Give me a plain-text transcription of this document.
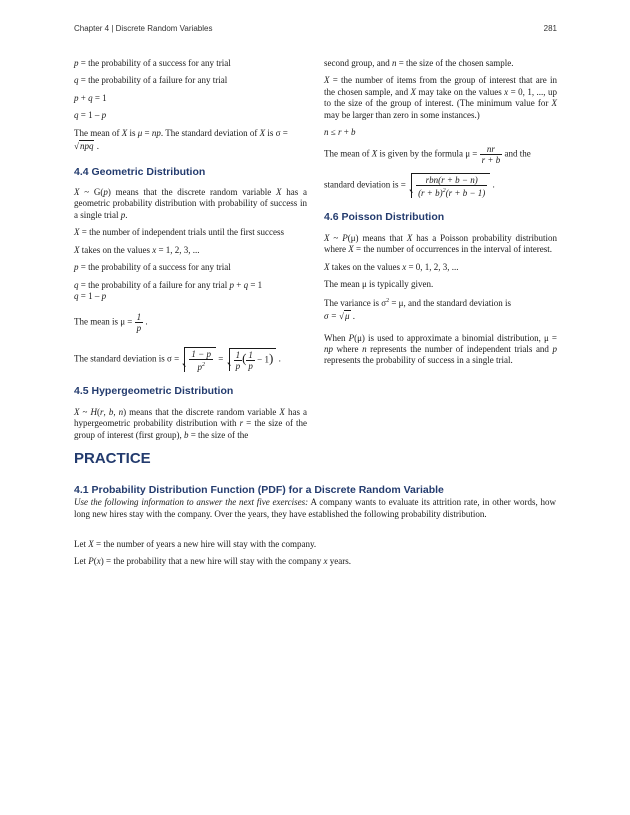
Chapter 4 | Discrete Random Variables	281

p = the probability of a success for any trial

q = the probability of a failure for any trial

p + q = 1

q = 1 – p

The mean of X is μ = np. The standard deviation of X is σ =

√npq .

4.4 Geometric Distribution

X ~ G(p) means that the discrete random variable X has a geometric probability distribution with probability of success in a single trial p.

X = the number of independent trials until the first success

X takes on the values x = 1, 2, 3, ...

p = the probability of a success for any trial

q = the probability of a failure for any trial p + q = 1

q = 1 – p

The mean is $\mu = \frac{1}{p}$ .

The standard deviation is $\sigma = \frac{1 - p}{p^2} = \frac{1}{p}$ ( $\frac{1}{p} - 1$) .

4.5 Hypergeometric Distribution

X ~ H(r, b, n) means that the discrete random variable X has a hypergeometric probability distribution with r = the size of the group of interest (first group), b = the size of the

second group, and n = the size of the chosen sample.

X = the number of items from the group of interest that are in the chosen sample, and X may take on the values x = 0, 1, ..., up to the size of the group of interest. (The minimum value for X may be larger than zero in some instances.)

n ≤ r + b

The mean of X is given by the formula $\mu = \frac{nr}{r + b}$ and the

standard deviation is = $\frac{\text{rbn(r + b − n)}}{(r + b)^2(r + b - 1)}$ .

4.6 Poisson Distribution

X ~ P(μ) means that X has a Poisson probability distribution where X = the number of occurrences in the interval of interest.

X takes on the values x = 0, 1, 2, 3, ...

The mean μ is typically given.

The variance is $\sigma^2 = \mu$, and the standard deviation is

σ = √μ .

When P(μ) is used to approximate a binomial distribution, μ = np where n represents the number of independent trials and p represents the probability of success in a single trial.

PRACTICE
4.1 Probability Distribution Function (PDF) for a Discrete Random Variable

Use the following information to answer the next five exercises: A company wants to evaluate its attrition rate, in other words, how long new hires stay with the company. Over the years, they have established the following probability distribution.

Let X = the number of years a new hire will stay with the company.

Let P(x) = the probability that a new hire will stay with the company x years.
